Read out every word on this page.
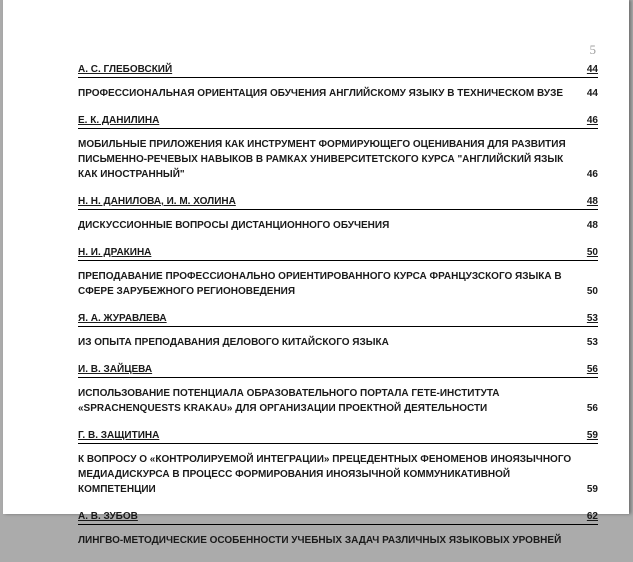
5
А. С. ГЛЕБОВСКИЙ	44
ПРОФЕССИОНАЛЬНАЯ ОРИЕНТАЦИЯ ОБУЧЕНИЯ АНГЛИЙСКОМУ ЯЗЫКУ В ТЕХНИЧЕСКОМ ВУЗЕ	44
Е. К. ДАНИЛИНА	46
МОБИЛЬНЫЕ ПРИЛОЖЕНИЯ КАК ИНСТРУМЕНТ ФОРМИРУЮЩЕГО ОЦЕНИВАНИЯ ДЛЯ РАЗВИТИЯ ПИСЬМЕННО-РЕЧЕВЫХ НАВЫКОВ В РАМКАХ УНИВЕРСИТЕТСКОГО КУРСА "АНГЛИЙСКИЙ ЯЗЫК КАК ИНОСТРАННЫЙ"	46
Н. Н. ДАНИЛОВА, И. М. ХОЛИНА	48
ДИСКУССИОННЫЕ ВОПРОСЫ ДИСТАНЦИОННОГО ОБУЧЕНИЯ	48
Н. И. ДРАКИНА	50
ПРЕПОДАВАНИЕ ПРОФЕССИОНАЛЬНО ОРИЕНТИРОВАННОГО КУРСА ФРАНЦУЗСКОГО ЯЗЫКА В СФЕРЕ ЗАРУБЕЖНОГО РЕГИОНОВЕДЕНИЯ	50
Я. А. ЖУРАВЛЕВА	53
ИЗ ОПЫТА ПРЕПОДАВАНИЯ ДЕЛОВОГО КИТАЙСКОГО ЯЗЫКА	53
И. В. ЗАЙЦЕВА	56
ИСПОЛЬЗОВАНИЕ ПОТЕНЦИАЛА ОБРАЗОВАТЕЛЬНОГО ПОРТАЛА ГЕТЕ-ИНСТИТУТА «SPRACHENQUESTS KRAKAU» ДЛЯ ОРГАНИЗАЦИИ ПРОЕКТНОЙ ДЕЯТЕЛЬНОСТИ	56
Г. В. ЗАЩИТИНА	59
К ВОПРОСУ О «КОНТРОЛИРУЕМОЙ ИНТЕГРАЦИИ» ПРЕЦЕДЕНТНЫХ ФЕНОМЕНОВ ИНОЯЗЫЧНОГО МЕДИАДИСКУРСА В ПРОЦЕСС ФОРМИРОВАНИЯ ИНОЯЗЫЧНОЙ КОММУНИКАТИВНОЙ КОМПЕТЕНЦИИ	59
А. В. ЗУБОВ	62
ЛИНГВО-МЕТОДИЧЕСКИЕ ОСОБЕННОСТИ УЧЕБНЫХ ЗАДАЧ РАЗЛИЧНЫХ ЯЗЫКОВЫХ УРОВНЕЙ
